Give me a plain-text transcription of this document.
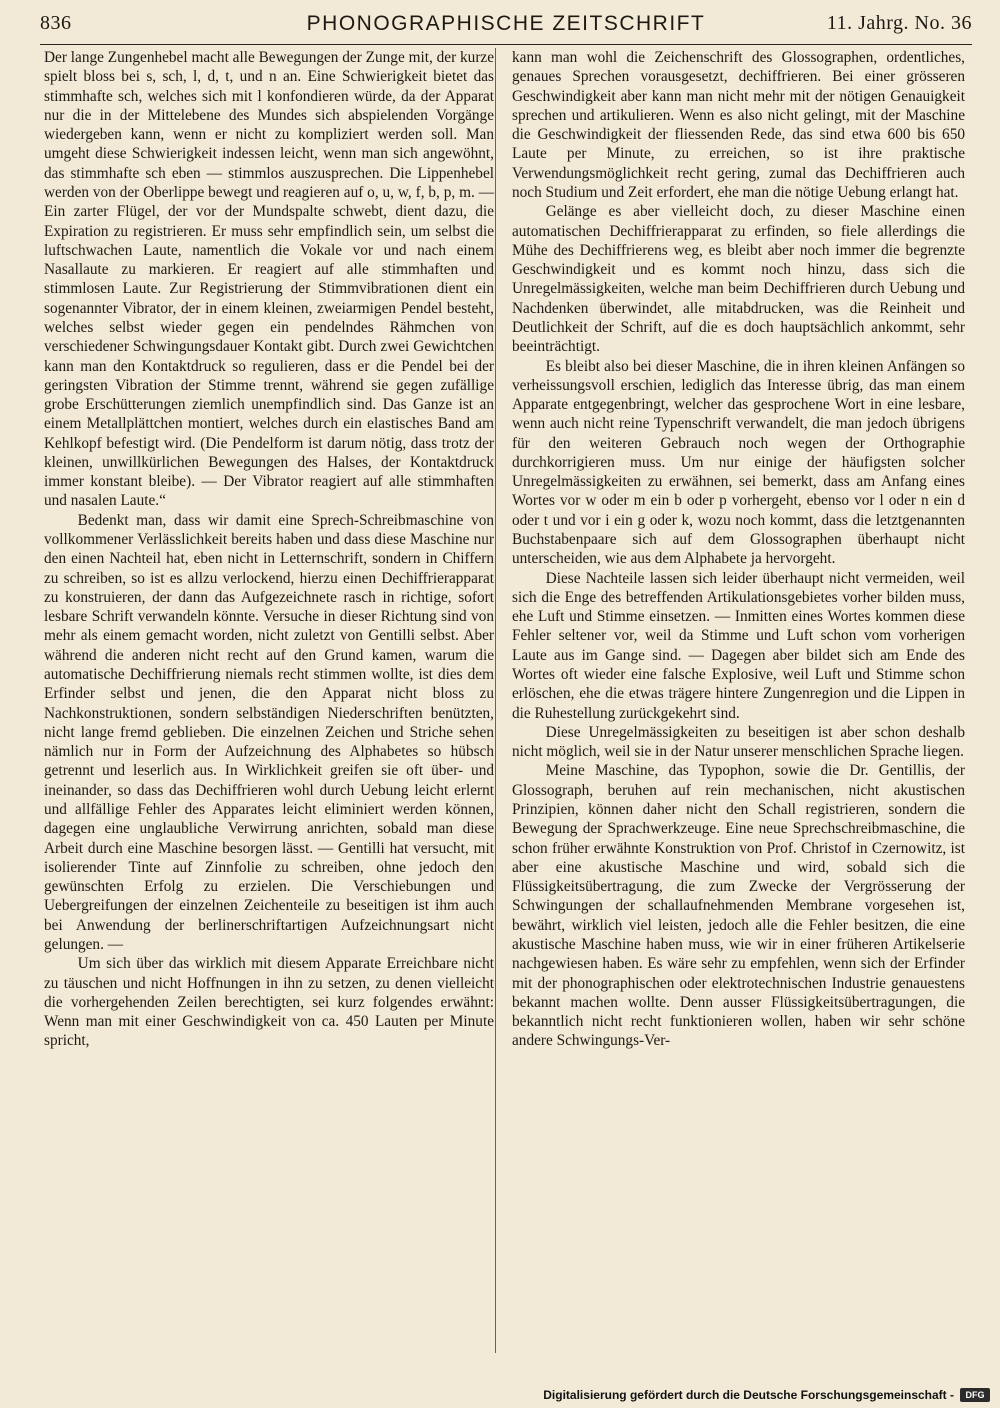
836	PHONOGRAPHISCHE ZEITSCHRIFT	11. Jahrg. No. 36

Der lange Zungenhebel macht alle Bewegungen der Zunge mit, der kurze spielt bloss bei s, sch, l, d, t, und n an. Eine Schwierigkeit bietet das stimmhafte sch, welches sich mit l konfondieren würde, da der Apparat nur die in der Mittelebene des Mundes sich abspielenden Vorgänge wiedergeben kann, wenn er nicht zu kompliziert werden soll. Man umgeht diese Schwierigkeit indessen leicht, wenn man sich angewöhnt, das stimmhafte sch eben — stimmlos auszusprechen. Die Lippenhebel werden von der Oberlippe bewegt und reagieren auf o, u, w, f, b, p, m. — Ein zarter Flügel, der vor der Mundspalte schwebt, dient dazu, die Expiration zu registrieren. Er muss sehr empfindlich sein, um selbst die luftschwachen Laute, namentlich die Vokale vor und nach einem Nasallaute zu markieren. Er reagiert auf alle stimmhaften und stimmlosen Laute. Zur Registrierung der Stimmvibrationen dient ein sogenannter Vibrator, der in einem kleinen, zweiarmigen Pendel besteht, welches selbst wieder gegen ein pendelndes Rähmchen von verschiedener Schwingungsdauer Kontakt gibt. Durch zwei Gewichtchen kann man den Kontaktdruck so regulieren, dass er die Pendel bei der geringsten Vibration der Stimme trennt, während sie gegen zufällige grobe Erschütterungen ziemlich unempfindlich sind. Das Ganze ist an einem Metallplättchen montiert, welches durch ein elastisches Band am Kehlkopf befestigt wird. (Die Pendelform ist darum nötig, dass trotz der kleinen, unwillkürlichen Bewegungen des Halses, der Kontaktdruck immer konstant bleibe). — Der Vibrator reagiert auf alle stimmhaften und nasalen Laute.“

Bedenkt man, dass wir damit eine Sprech-Schreibmaschine von vollkommener Verlässlichkeit bereits haben und dass diese Maschine nur den einen Nachteil hat, eben nicht in Letternschrift, sondern in Chiffern zu schreiben, so ist es allzu verlockend, hierzu einen Dechiffrierapparat zu konstruieren, der dann das Aufgezeichnete rasch in richtige, sofort lesbare Schrift verwandeln könnte. Versuche in dieser Richtung sind von mehr als einem gemacht worden, nicht zuletzt von Gentilli selbst. Aber während die anderen nicht recht auf den Grund kamen, warum die automatische Dechiffrierung niemals recht stimmen wollte, ist dies dem Erfinder selbst und jenen, die den Apparat nicht bloss zu Nachkonstruktionen, sondern selbständigen Niederschriften benützten, nicht lange fremd geblieben. Die einzelnen Zeichen und Striche sehen nämlich nur in Form der Aufzeichnung des Alphabetes so hübsch getrennt und leserlich aus. In Wirklichkeit greifen sie oft über- und ineinander, so dass das Dechiffrieren wohl durch Uebung leicht erlernt und allfällige Fehler des Apparates leicht eliminiert werden können, dagegen eine unglaubliche Verwirrung anrichten, sobald man diese Arbeit durch eine Maschine besorgen lässt. — Gentilli hat versucht, mit isolierender Tinte auf Zinnfolie zu schreiben, ohne jedoch den gewünschten Erfolg zu erzielen. Die Verschiebungen und Uebergreifungen der einzelnen Zeichenteile zu beseitigen ist ihm auch bei Anwendung der berlinerschriftartigen Aufzeichnungsart nicht gelungen. —

Um sich über das wirklich mit diesem Apparate Erreichbare nicht zu täuschen und nicht Hoffnungen in ihn zu setzen, zu denen vielleicht die vorhergehenden Zeilen berechtigten, sei kurz folgendes erwähnt: Wenn man mit einer Geschwindigkeit von ca. 450 Lauten per Minute spricht,

kann man wohl die Zeichenschrift des Glossographen, ordentliches, genaues Sprechen vorausgesetzt, dechiffrieren. Bei einer grösseren Geschwindigkeit aber kann man nicht mehr mit der nötigen Genauigkeit sprechen und artikulieren. Wenn es also nicht gelingt, mit der Maschine die Geschwindigkeit der fliessenden Rede, das sind etwa 600 bis 650 Laute per Minute, zu erreichen, so ist ihre praktische Verwendungsmöglichkeit recht gering, zumal das Dechiffrieren auch noch Studium und Zeit erfordert, ehe man die nötige Uebung erlangt hat.

Gelänge es aber vielleicht doch, zu dieser Maschine einen automatischen Dechiffrierapparat zu erfinden, so fiele allerdings die Mühe des Dechiffrierens weg, es bleibt aber noch immer die begrenzte Geschwindigkeit und es kommt noch hinzu, dass sich die Unregelmässigkeiten, welche man beim Dechiffrieren durch Uebung und Nachdenken überwindet, alle mitabdrucken, was die Reinheit und Deutlichkeit der Schrift, auf die es doch hauptsächlich ankommt, sehr beeinträchtigt.

Es bleibt also bei dieser Maschine, die in ihren kleinen Anfängen so verheissungsvoll erschien, lediglich das Interesse übrig, das man einem Apparate entgegenbringt, welcher das gesprochene Wort in eine lesbare, wenn auch nicht reine Typenschrift verwandelt, die man jedoch übrigens für den weiteren Gebrauch noch wegen der Orthographie durchkorrigieren muss. Um nur einige der häufigsten solcher Unregelmässigkeiten zu erwähnen, sei bemerkt, dass am Anfang eines Wortes vor w oder m ein b oder p vorhergeht, ebenso vor l oder n ein d oder t und vor i ein g oder k, wozu noch kommt, dass die letztgenannten Buchstabenpaare sich auf dem Glossographen überhaupt nicht unterscheiden, wie aus dem Alphabete ja hervorgeht.

Diese Nachteile lassen sich leider überhaupt nicht vermeiden, weil sich die Enge des betreffenden Artikulationsgebietes vorher bilden muss, ehe Luft und Stimme einsetzen. — Inmitten eines Wortes kommen diese Fehler seltener vor, weil da Stimme und Luft schon vom vorherigen Laute aus im Gange sind. — Dagegen aber bildet sich am Ende des Wortes oft wieder eine falsche Explosive, weil Luft und Stimme schon erlöschen, ehe die etwas trägere hintere Zungenregion und die Lippen in die Ruhestellung zurückgekehrt sind.

Diese Unregelmässigkeiten zu beseitigen ist aber schon deshalb nicht möglich, weil sie in der Natur unserer menschlichen Sprache liegen.

Meine Maschine, das Typophon, sowie die Dr. Gentillis, der Glossograph, beruhen auf rein mechanischen, nicht akustischen Prinzipien, können daher nicht den Schall registrieren, sondern die Bewegung der Sprachwerkzeuge. Eine neue Sprechschreibmaschine, die schon früher erwähnte Konstruktion von Prof. Christof in Czernowitz, ist aber eine akustische Maschine und wird, sobald sich die Flüssigkeitsübertragung, die zum Zwecke der Vergrösserung der Schwingungen der schallaufnehmenden Membrane vorgesehen ist, bewährt, wirklich viel leisten, jedoch alle die Fehler besitzen, die eine akustische Maschine haben muss, wie wir in einer früheren Artikelserie nachgewiesen haben. Es wäre sehr zu empfehlen, wenn sich der Erfinder mit der phonographischen oder elektrotechnischen Industrie genauestens bekannt machen wollte. Denn ausser Flüssigkeitsübertragungen, die bekanntlich nicht recht funktionieren wollen, haben wir sehr schöne andere Schwingungs-Ver-

Digitalisierung gefördert durch die Deutsche Forschungsgemeinschaft -	DFG
